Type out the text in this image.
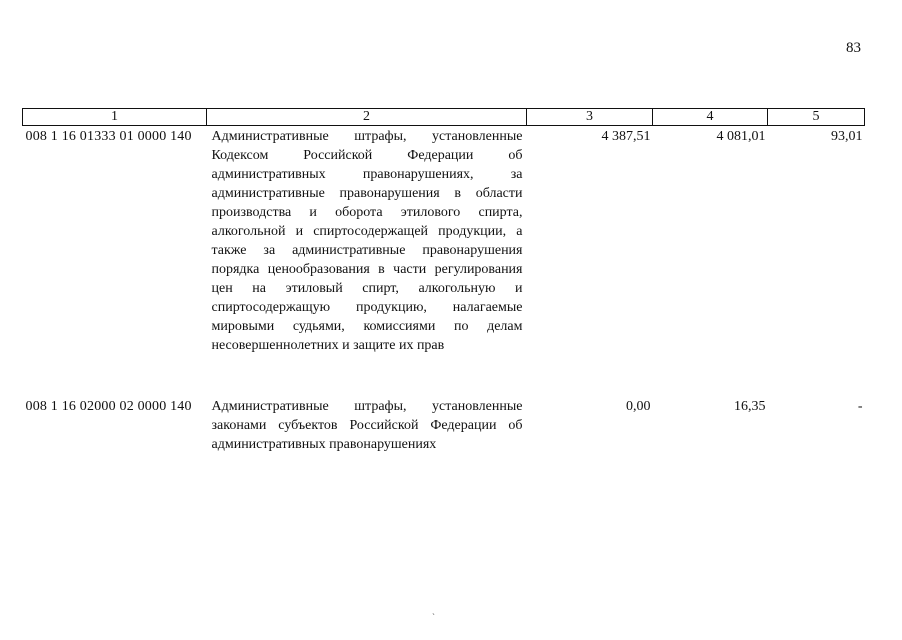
83
1	2	3	4	5
008 1 16 01333 01 0000 140	Административные штрафы, установленные Кодексом Российской Федерации об административных правонарушениях, за административные правонарушения в области производства и оборота этилового спирта, алкогольной и спиртосодержащей продукции, а также за административные правонарушения порядка ценообразования в части регулирования цен на этиловый спирт, алкогольную и спиртосодержащую продукцию, налагаемые мировыми судьями, комиссиями по делам несовершеннолетних и защите их прав	4 387,51	4 081,01	93,01

008 1 16 02000 02 0000 140	Административные штрафы, установленные законами субъектов Российской Федерации об административных правонарушениях	0,00	16,35	-
`
